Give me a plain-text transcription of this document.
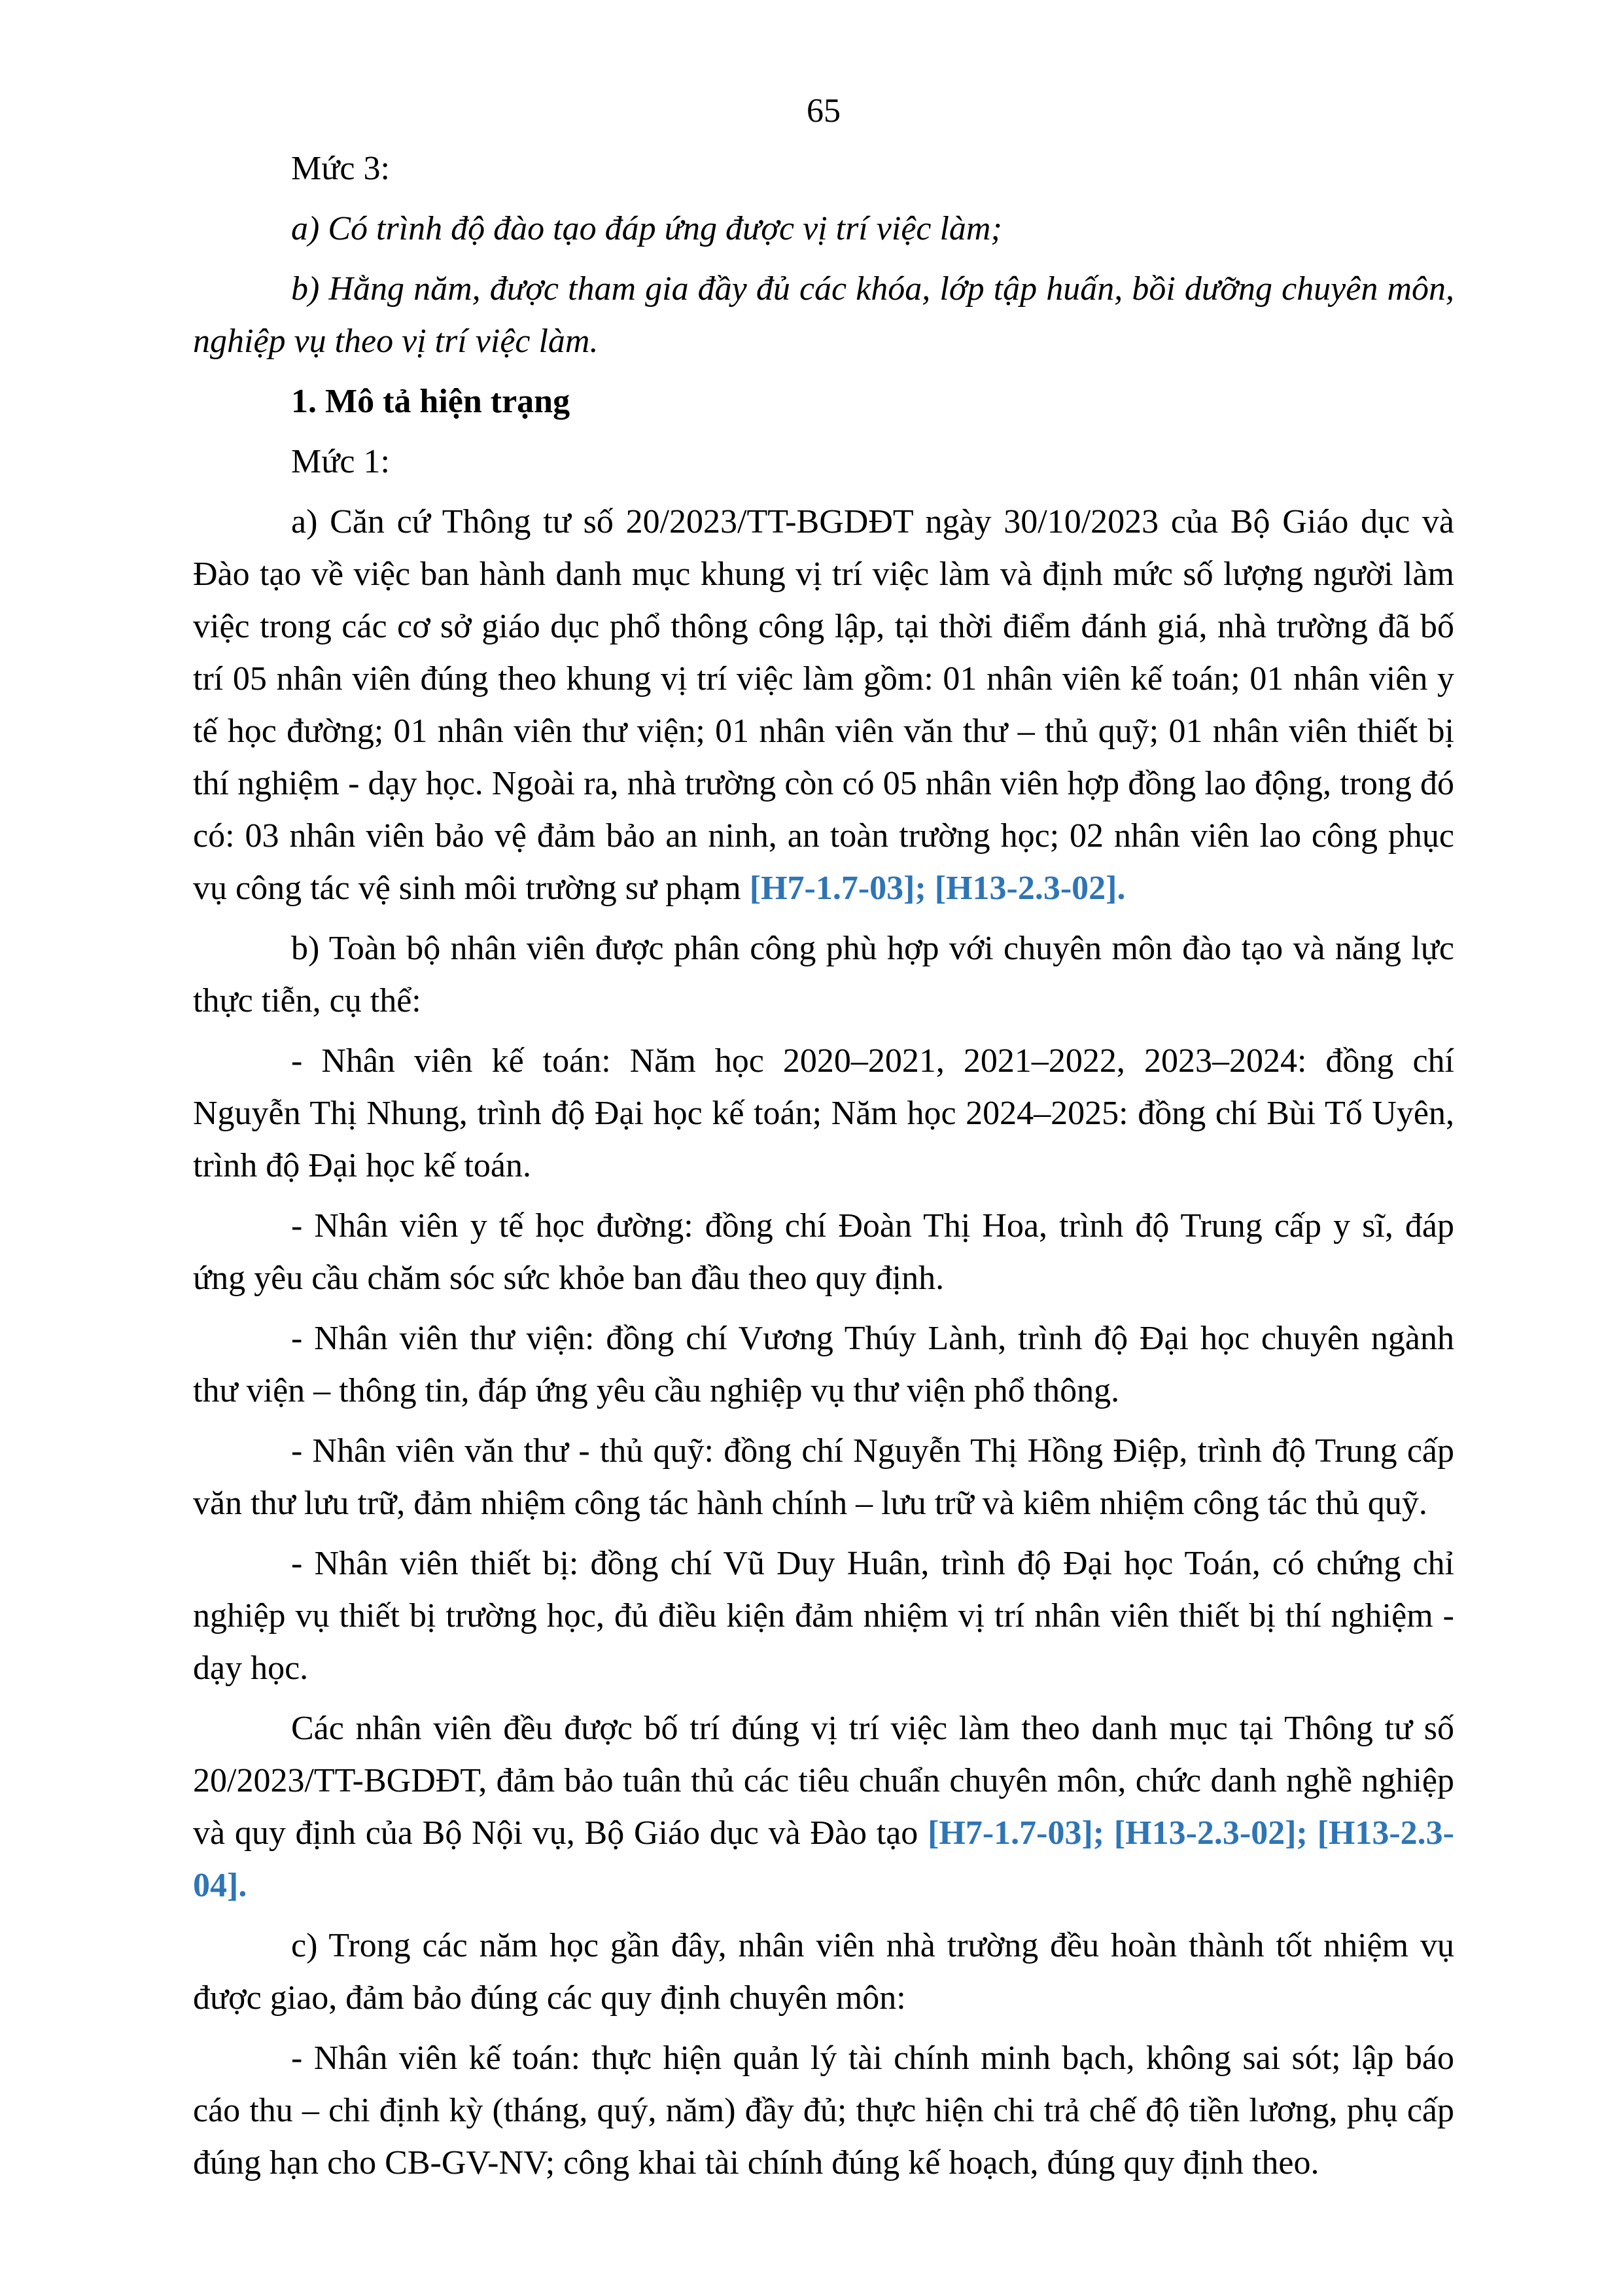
65

Mức 3:

a) Có trình độ đào tạo đáp ứng được vị trí việc làm;

b) Hằng năm, được tham gia đầy đủ các khóa, lớp tập huấn, bồi dưỡng chuyên môn, nghiệp vụ theo vị trí việc làm.

1. Mô tả hiện trạng

Mức 1:

a) Căn cứ Thông tư số 20/2023/TT-BGDĐT ngày 30/10/2023 của Bộ Giáo dục và Đào tạo về việc ban hành danh mục khung vị trí việc làm và định mức số lượng người làm việc trong các cơ sở giáo dục phổ thông công lập, tại thời điểm đánh giá, nhà trường đã bố trí 05 nhân viên đúng theo khung vị trí việc làm gồm: 01 nhân viên kế toán; 01 nhân viên y tế học đường; 01 nhân viên thư viện; 01 nhân viên văn thư – thủ quỹ; 01 nhân viên thiết bị thí nghiệm - dạy học. Ngoài ra, nhà trường còn có 05 nhân viên hợp đồng lao động, trong đó có: 03 nhân viên bảo vệ đảm bảo an ninh, an toàn trường học; 02 nhân viên lao công phục vụ công tác vệ sinh môi trường sư phạm [H7-1.7-03]; [H13-2.3-02].

b) Toàn bộ nhân viên được phân công phù hợp với chuyên môn đào tạo và năng lực thực tiễn, cụ thể:

- Nhân viên kế toán: Năm học 2020–2021, 2021–2022, 2023–2024: đồng chí Nguyễn Thị Nhung, trình độ Đại học kế toán; Năm học 2024–2025: đồng chí Bùi Tố Uyên, trình độ Đại học kế toán.

- Nhân viên y tế học đường: đồng chí Đoàn Thị Hoa, trình độ Trung cấp y sĩ, đáp ứng yêu cầu chăm sóc sức khỏe ban đầu theo quy định.

- Nhân viên thư viện: đồng chí Vương Thúy Lành, trình độ Đại học chuyên ngành thư viện – thông tin, đáp ứng yêu cầu nghiệp vụ thư viện phổ thông.

- Nhân viên văn thư - thủ quỹ: đồng chí Nguyễn Thị Hồng Điệp, trình độ Trung cấp văn thư lưu trữ, đảm nhiệm công tác hành chính – lưu trữ và kiêm nhiệm công tác thủ quỹ.

- Nhân viên thiết bị: đồng chí Vũ Duy Huân, trình độ Đại học Toán, có chứng chỉ nghiệp vụ thiết bị trường học, đủ điều kiện đảm nhiệm vị trí nhân viên thiết bị thí nghiệm - dạy học.

Các nhân viên đều được bố trí đúng vị trí việc làm theo danh mục tại Thông tư số 20/2023/TT-BGDĐT, đảm bảo tuân thủ các tiêu chuẩn chuyên môn, chức danh nghề nghiệp và quy định của Bộ Nội vụ, Bộ Giáo dục và Đào tạo [H7-1.7-03]; [H13-2.3-02]; [H13-2.3-04].

c) Trong các năm học gần đây, nhân viên nhà trường đều hoàn thành tốt nhiệm vụ được giao, đảm bảo đúng các quy định chuyên môn:

- Nhân viên kế toán: thực hiện quản lý tài chính minh bạch, không sai sót; lập báo cáo thu – chi định kỳ (tháng, quý, năm) đầy đủ; thực hiện chi trả chế độ tiền lương, phụ cấp đúng hạn cho CB-GV-NV; công khai tài chính đúng kế hoạch, đúng quy định theo.
